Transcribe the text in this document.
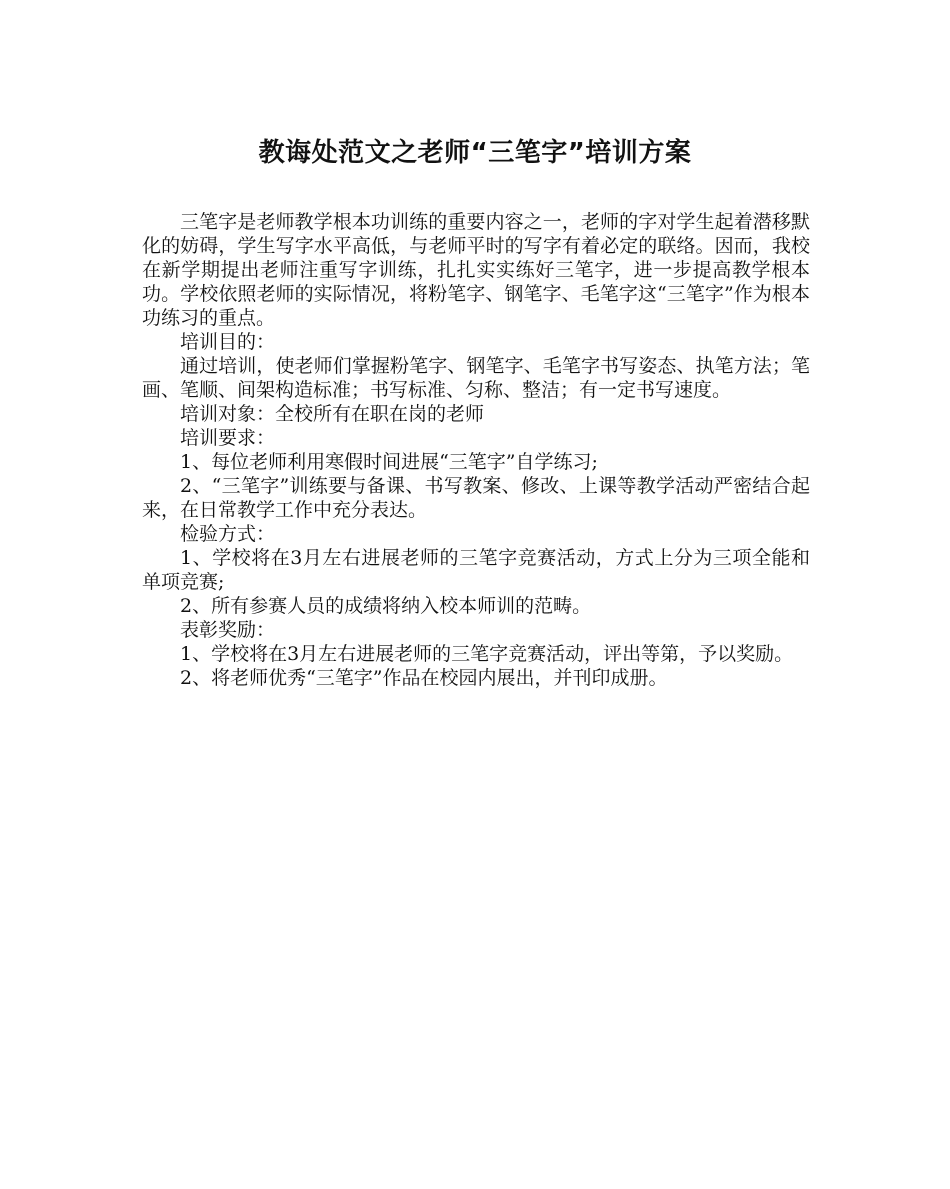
教诲处范文之老师“三笔字”培训方案

三笔字是老师教学根本功训练的重要内容之一，老师的字对学生起着潜移默化的妨碍，学生写字水平高低，与老师平时的写字有着必定的联络。因而，我校在新学期提出老师注重写字训练，扎扎实实练好三笔字，进一步提高教学根本功。学校依照老师的实际情况，将粉笔字、钢笔字、毛笔字这“三笔字”作为根本功练习的重点。

培训目的：

通过培训，使老师们掌握粉笔字、钢笔字、毛笔字书写姿态、执笔方法；笔画、笔顺、间架构造标准；书写标准、匀称、整洁；有一定书写速度。

培训对象：全校所有在职在岗的老师

培训要求：

1、每位老师利用寒假时间进展“三笔字”自学练习;

2、“三笔字”训练要与备课、书写教案、修改、上课等教学活动严密结合起来，在日常教学工作中充分表达。

检验方式：

1、学校将在3月左右进展老师的三笔字竞赛活动，方式上分为三项全能和单项竞赛;

2、所有参赛人员的成绩将纳入校本师训的范畴。

表彰奖励：

1、学校将在3月左右进展老师的三笔字竞赛活动，评出等第，予以奖励。

2、将老师优秀“三笔字”作品在校园内展出，并刊印成册。
